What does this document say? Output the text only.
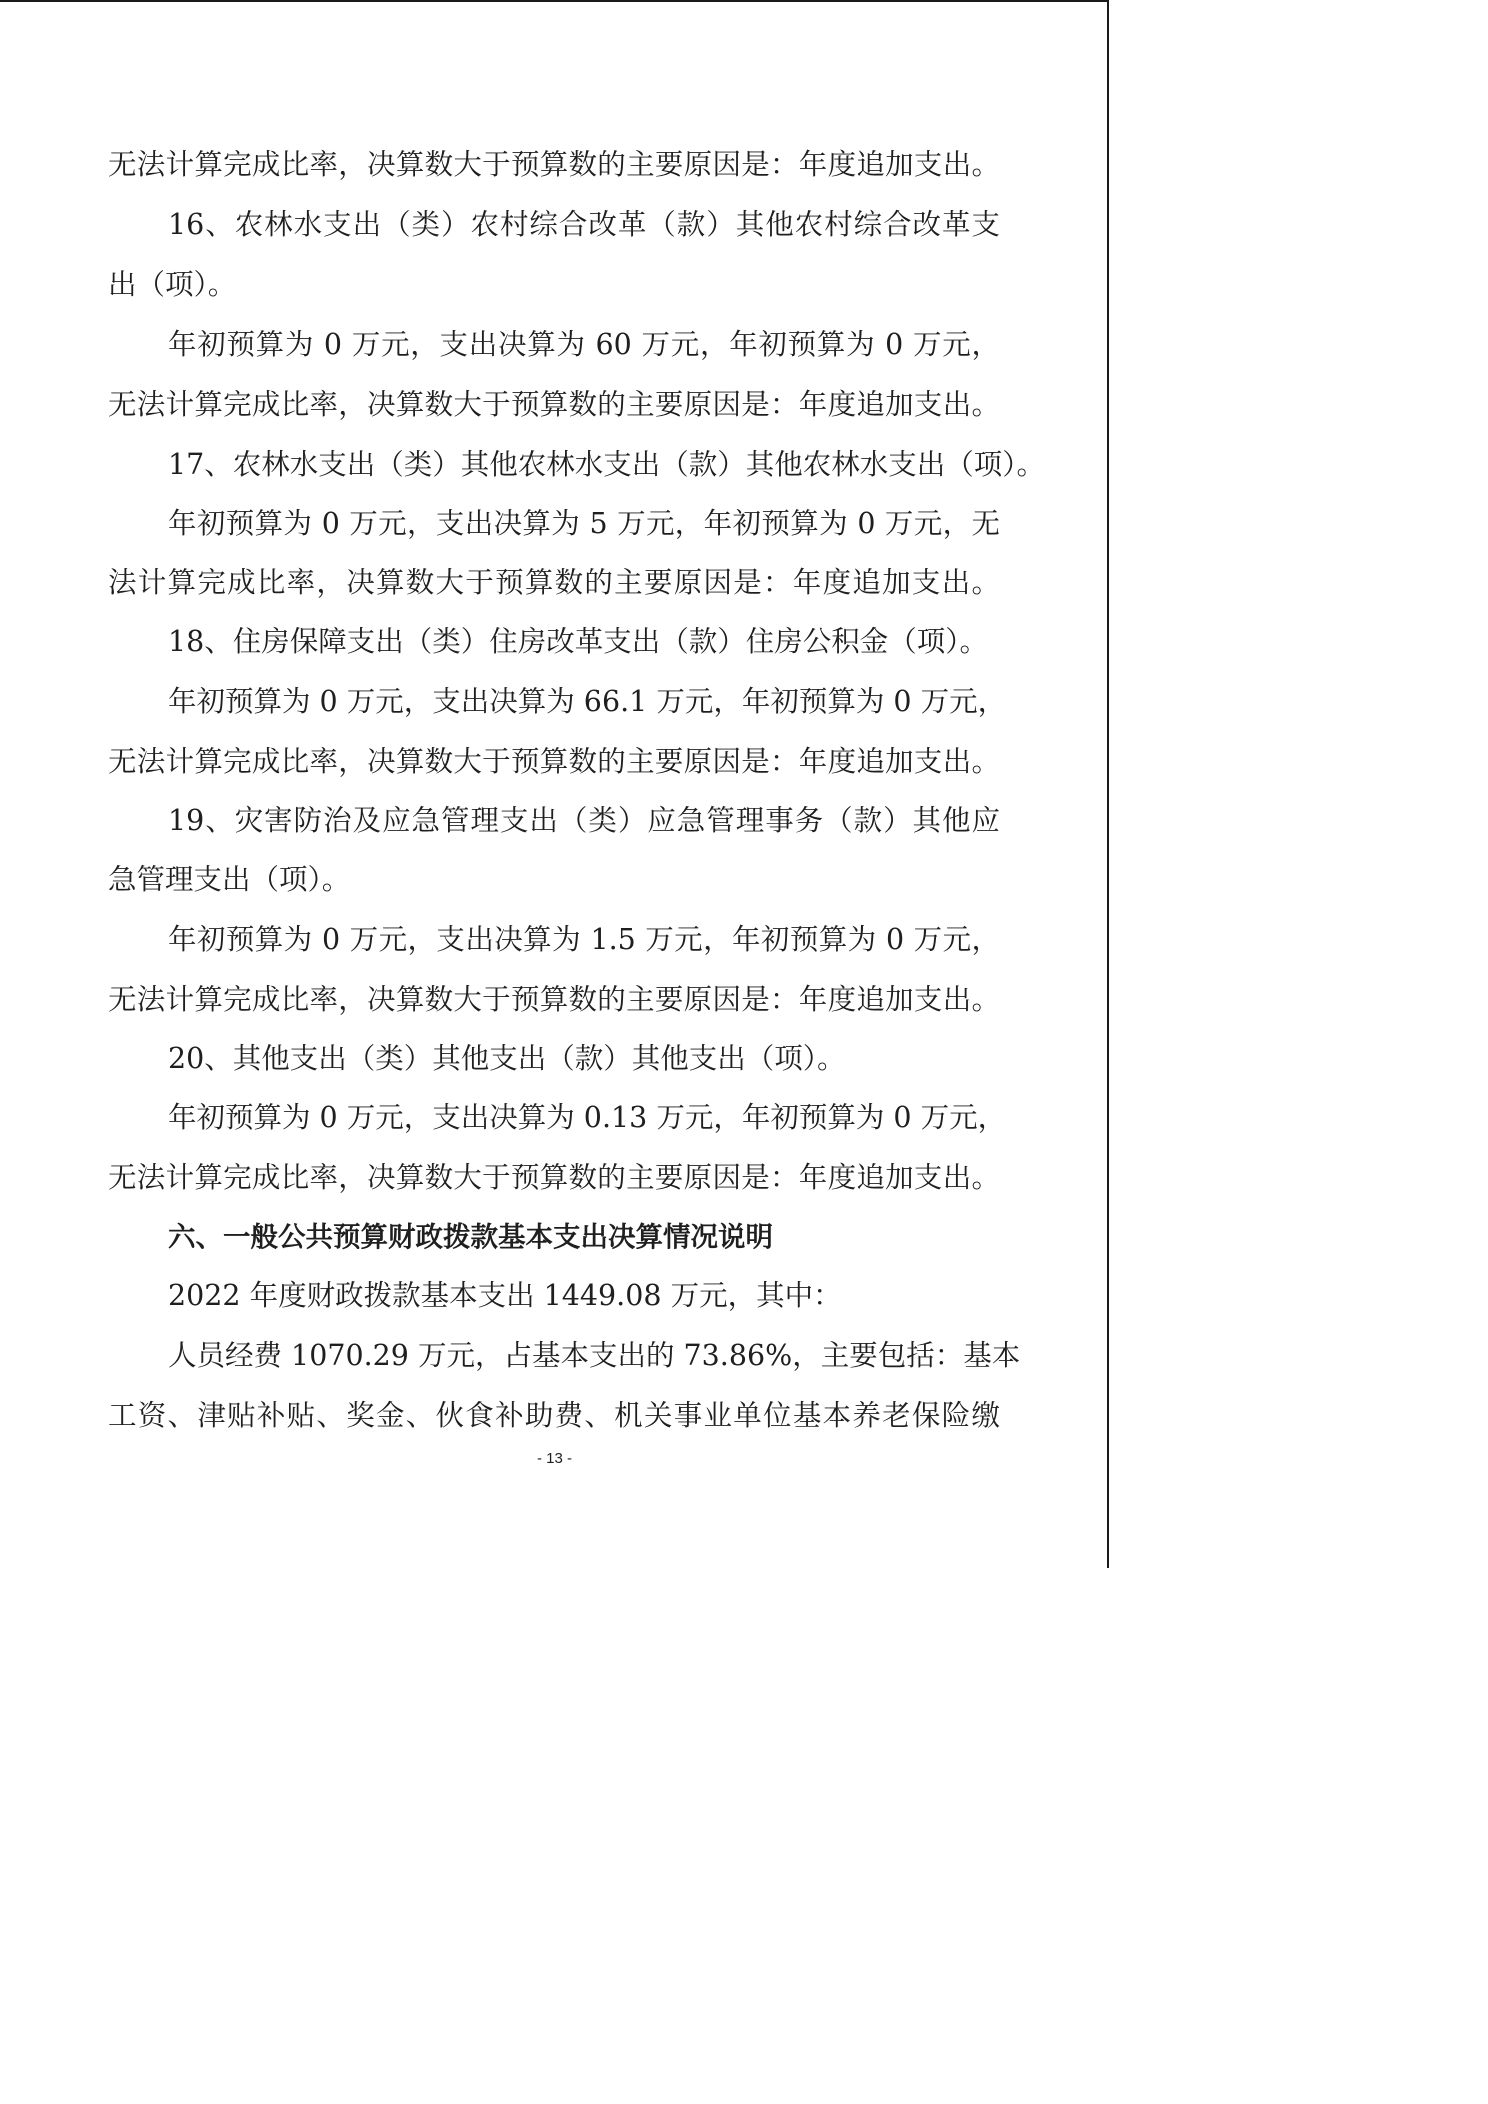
无法计算完成比率，决算数大于预算数的主要原因是：年度追加支出。
16、农林水支出（类）农村综合改革（款）其他农村综合改革支
出（项）。
年初预算为 0 万元，支出决算为 60 万元，年初预算为 0 万元，
无法计算完成比率，决算数大于预算数的主要原因是：年度追加支出。
17、农林水支出（类）其他农林水支出（款）其他农林水支出（项）。
年初预算为 0 万元，支出决算为 5 万元，年初预算为 0 万元，无
法计算完成比率，决算数大于预算数的主要原因是：年度追加支出。
18、住房保障支出（类）住房改革支出（款）住房公积金（项）。
年初预算为 0 万元，支出决算为 66.1 万元，年初预算为 0 万元，
无法计算完成比率，决算数大于预算数的主要原因是：年度追加支出。
19、灾害防治及应急管理支出（类）应急管理事务（款）其他应
急管理支出（项）。
年初预算为 0 万元，支出决算为 1.5 万元，年初预算为 0 万元，
无法计算完成比率，决算数大于预算数的主要原因是：年度追加支出。
20、其他支出（类）其他支出（款）其他支出（项）。
年初预算为 0 万元，支出决算为 0.13 万元，年初预算为 0 万元，
无法计算完成比率，决算数大于预算数的主要原因是：年度追加支出。
六、一般公共预算财政拨款基本支出决算情况说明
2022 年度财政拨款基本支出 1449.08 万元，其中：
人员经费 1070.29 万元，占基本支出的 73.86%，主要包括：基本
工资、津贴补贴、奖金、伙食补助费、机关事业单位基本养老保险缴
- 13 -
